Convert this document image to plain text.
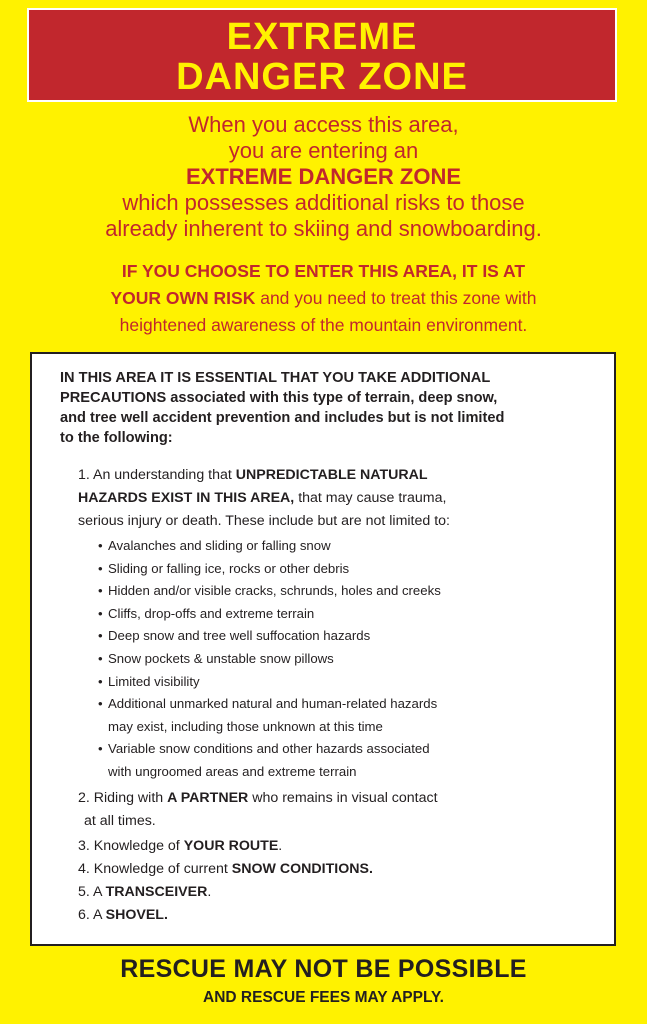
EXTREME
DANGER ZONE
When you access this area,
you are entering an
EXTREME DANGER ZONE
which possesses additional risks to those
already inherent to skiing and snowboarding.
IF YOU CHOOSE TO ENTER THIS AREA, IT IS AT
YOUR OWN RISK and you need to treat this zone with
heightened awareness of the mountain environment.
IN THIS AREA IT IS ESSENTIAL THAT YOU TAKE ADDITIONAL
PRECAUTIONS associated with this type of terrain, deep snow,
and tree well accident prevention and includes but is not limited
to the following:
1. An understanding that UNPREDICTABLE NATURAL
HAZARDS EXIST IN THIS AREA, that may cause trauma,
serious injury or death. These include but are not limited to:
• Avalanches and sliding or falling snow
• Sliding or falling ice, rocks or other debris
• Hidden and/or visible cracks, schrunds, holes and creeks
• Cliffs, drop-offs and extreme terrain
• Deep snow and tree well suffocation hazards
• Snow pockets & unstable snow pillows
• Limited visibility
• Additional unmarked natural and human-related hazards
may exist, including those unknown at this time
• Variable snow conditions and other hazards associated
with ungroomed areas and extreme terrain
2. Riding with A PARTNER who remains in visual contact
at all times.
3. Knowledge of YOUR ROUTE.
4. Knowledge of current SNOW CONDITIONS.
5. A TRANSCEIVER.
6. A SHOVEL.
RESCUE MAY NOT BE POSSIBLE
AND RESCUE FEES MAY APPLY.
